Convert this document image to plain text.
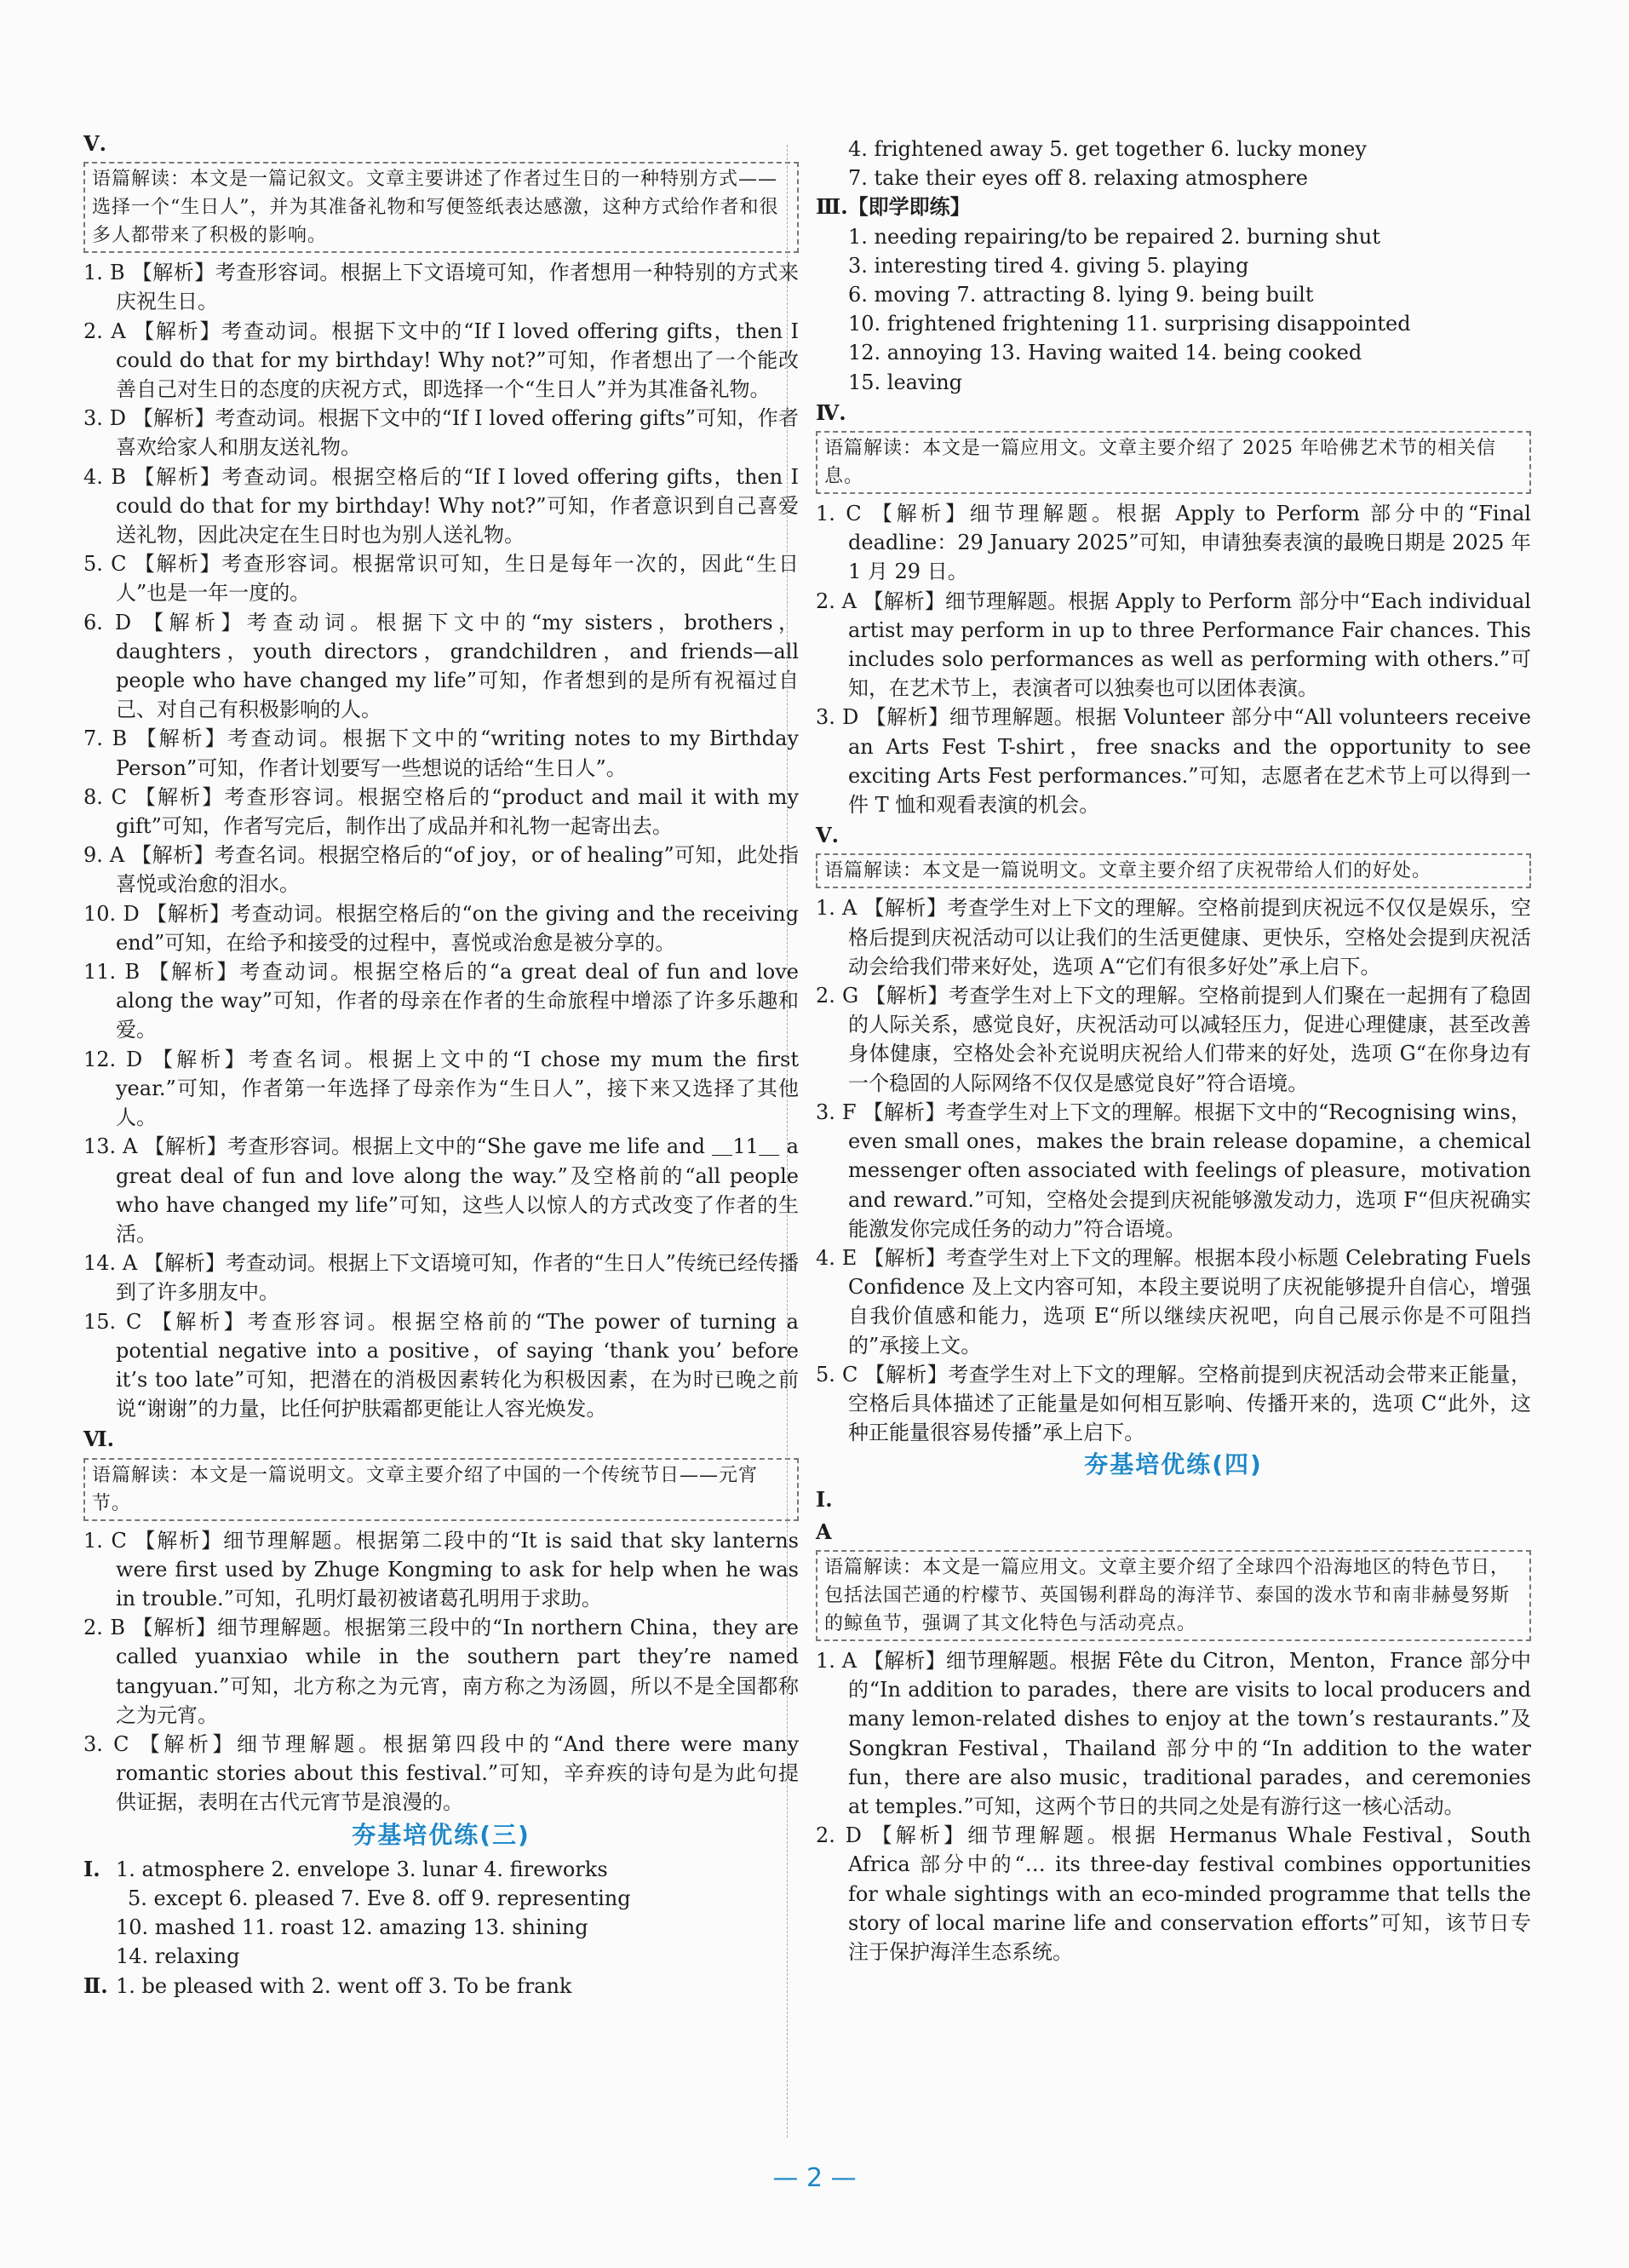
Ⅴ.
语篇解读：本文是一篇记叙文。文章主要讲述了作者过生日的一种特别方式——选择一个“生日人”，并为其准备礼物和写便签纸表达感激，这种方式给作者和很多人都带来了积极的影响。
1. B 【解析】考查形容词。根据上下文语境可知，作者想用一种特别的方式来庆祝生日。
2. A 【解析】考查动词。根据下文中的“If I loved offering gifts，then I could do that for my birthday! Why not?”可知，作者想出了一个能改善自己对生日的态度的庆祝方式，即选择一个“生日人”并为其准备礼物。
3. D 【解析】考查动词。根据下文中的“If I loved offering gifts”可知，作者喜欢给家人和朋友送礼物。
4. B 【解析】考查动词。根据空格后的“If I loved offering gifts，then I could do that for my birthday! Why not?”可知，作者意识到自己喜爱送礼物，因此决定在生日时也为别人送礼物。
5. C 【解析】考查形容词。根据常识可知，生日是每年一次的，因此“生日人”也是一年一度的。
6. D 【解析】考查动词。根据下文中的“my sisters，brothers，daughters，youth directors，grandchildren，and friends—all people who have changed my life”可知，作者想到的是所有祝福过自己、对自己有积极影响的人。
7. B 【解析】考查动词。根据下文中的“writing notes to my Birthday Person”可知，作者计划要写一些想说的话给“生日人”。
8. C 【解析】考查形容词。根据空格后的“product and mail it with my gift”可知，作者写完后，制作出了成品并和礼物一起寄出去。
9. A 【解析】考查名词。根据空格后的“of joy，or of healing”可知，此处指喜悦或治愈的泪水。
10. D 【解析】考查动词。根据空格后的“on the giving and the receiving end”可知，在给予和接受的过程中，喜悦或治愈是被分享的。
11. B 【解析】考查动词。根据空格后的“a great deal of fun and love along the way”可知，作者的母亲在作者的生命旅程中增添了许多乐趣和爱。
12. D 【解析】考查名词。根据上文中的“I chose my mum the first year.”可知，作者第一年选择了母亲作为“生日人”，接下来又选择了其他人。
13. A 【解析】考查形容词。根据上文中的“She gave me life and ＿11＿ a great deal of fun and love along the way.”及空格前的“all people who have changed my life”可知，这些人以惊人的方式改变了作者的生活。
14. A 【解析】考查动词。根据上下文语境可知，作者的“生日人”传统已经传播到了许多朋友中。
15. C 【解析】考查形容词。根据空格前的“The power of turning a potential negative into a positive，of saying ‘thank you’ before it’s too late”可知，把潜在的消极因素转化为积极因素，在为时已晚之前说“谢谢”的力量，比任何护肤霜都更能让人容光焕发。
Ⅵ.
语篇解读：本文是一篇说明文。文章主要介绍了中国的一个传统节日——元宵节。
1. C 【解析】细节理解题。根据第二段中的“It is said that sky lanterns were first used by Zhuge Kongming to ask for help when he was in trouble.”可知，孔明灯最初被诸葛孔明用于求助。
2. B 【解析】细节理解题。根据第三段中的“In northern China，they are called yuanxiao while in the southern part they’re named tangyuan.”可知，北方称之为元宵，南方称之为汤圆，所以不是全国都称之为元宵。
3. C 【解析】细节理解题。根据第四段中的“And there were many romantic stories about this festival.”可知，辛弃疾的诗句是为此句提供证据，表明在古代元宵节是浪漫的。
夯基培优练(三)
Ⅰ. 1. atmosphere 2. envelope 3. lunar 4. fireworks
5. except 6. pleased 7. Eve 8. off 9. representing
10. mashed 11. roast 12. amazing 13. shining
14. relaxing
Ⅱ. 1. be pleased with 2. went off 3. To be frank
4. frightened away 5. get together 6. lucky money
7. take their eyes off 8. relaxing atmosphere
Ⅲ.【即学即练】
1. needing repairing/to be repaired 2. burning shut
3. interesting tired 4. giving 5. playing
6. moving 7. attracting 8. lying 9. being built
10. frightened frightening 11. surprising disappointed
12. annoying 13. Having waited 14. being cooked
15. leaving
Ⅳ.
语篇解读：本文是一篇应用文。文章主要介绍了 2025 年哈佛艺术节的相关信息。
1. C 【解析】细节理解题。根据 Apply to Perform 部分中的“Final deadline：29 January 2025”可知，申请独奏表演的最晚日期是 2025 年 1 月 29 日。
2. A 【解析】细节理解题。根据 Apply to Perform 部分中“Each individual artist may perform in up to three Performance Fair chances. This includes solo performances as well as performing with others.”可知，在艺术节上，表演者可以独奏也可以团体表演。
3. D 【解析】细节理解题。根据 Volunteer 部分中“All volunteers receive an Arts Fest T-shirt，free snacks and the opportunity to see exciting Arts Fest performances.”可知，志愿者在艺术节上可以得到一件 T 恤和观看表演的机会。
Ⅴ.
语篇解读：本文是一篇说明文。文章主要介绍了庆祝带给人们的好处。
1. A 【解析】考查学生对上下文的理解。空格前提到庆祝远不仅仅是娱乐，空格后提到庆祝活动可以让我们的生活更健康、更快乐，空格处会提到庆祝活动会给我们带来好处，选项 A“它们有很多好处”承上启下。
2. G 【解析】考查学生对上下文的理解。空格前提到人们聚在一起拥有了稳固的人际关系，感觉良好，庆祝活动可以减轻压力，促进心理健康，甚至改善身体健康，空格处会补充说明庆祝给人们带来的好处，选项 G“在你身边有一个稳固的人际网络不仅仅是感觉良好”符合语境。
3. F 【解析】考查学生对上下文的理解。根据下文中的“Recognising wins，even small ones，makes the brain release dopamine，a chemical messenger often associated with feelings of pleasure，motivation and reward.”可知，空格处会提到庆祝能够激发动力，选项 F“但庆祝确实能激发你完成任务的动力”符合语境。
4. E 【解析】考查学生对上下文的理解。根据本段小标题 Celebrating Fuels Confidence 及上文内容可知，本段主要说明了庆祝能够提升自信心，增强自我价值感和能力，选项 E“所以继续庆祝吧，向自己展示你是不可阻挡的”承接上文。
5. C 【解析】考查学生对上下文的理解。空格前提到庆祝活动会带来正能量，空格后具体描述了正能量是如何相互影响、传播开来的，选项 C“此外，这种正能量很容易传播”承上启下。
夯基培优练(四)
Ⅰ.
A
语篇解读：本文是一篇应用文。文章主要介绍了全球四个沿海地区的特色节日，包括法国芒通的柠檬节、英国锡利群岛的海洋节、泰国的泼水节和南非赫曼努斯的鲸鱼节，强调了其文化特色与活动亮点。
1. A 【解析】细节理解题。根据 Fête du Citron，Menton，France 部分中的“In addition to parades，there are visits to local producers and many lemon-related dishes to enjoy at the town’s restaurants.”及 Songkran Festival，Thailand 部分中的“In addition to the water fun，there are also music，traditional parades，and ceremonies at temples.”可知，这两个节日的共同之处是有游行这一核心活动。
2. D 【解析】细节理解题。根据 Hermanus Whale Festival，South Africa 部分中的“… its three-day festival combines opportunities for whale sightings with an eco-minded programme that tells the story of local marine life and conservation efforts”可知，该节日专注于保护海洋生态系统。
— 2 —
